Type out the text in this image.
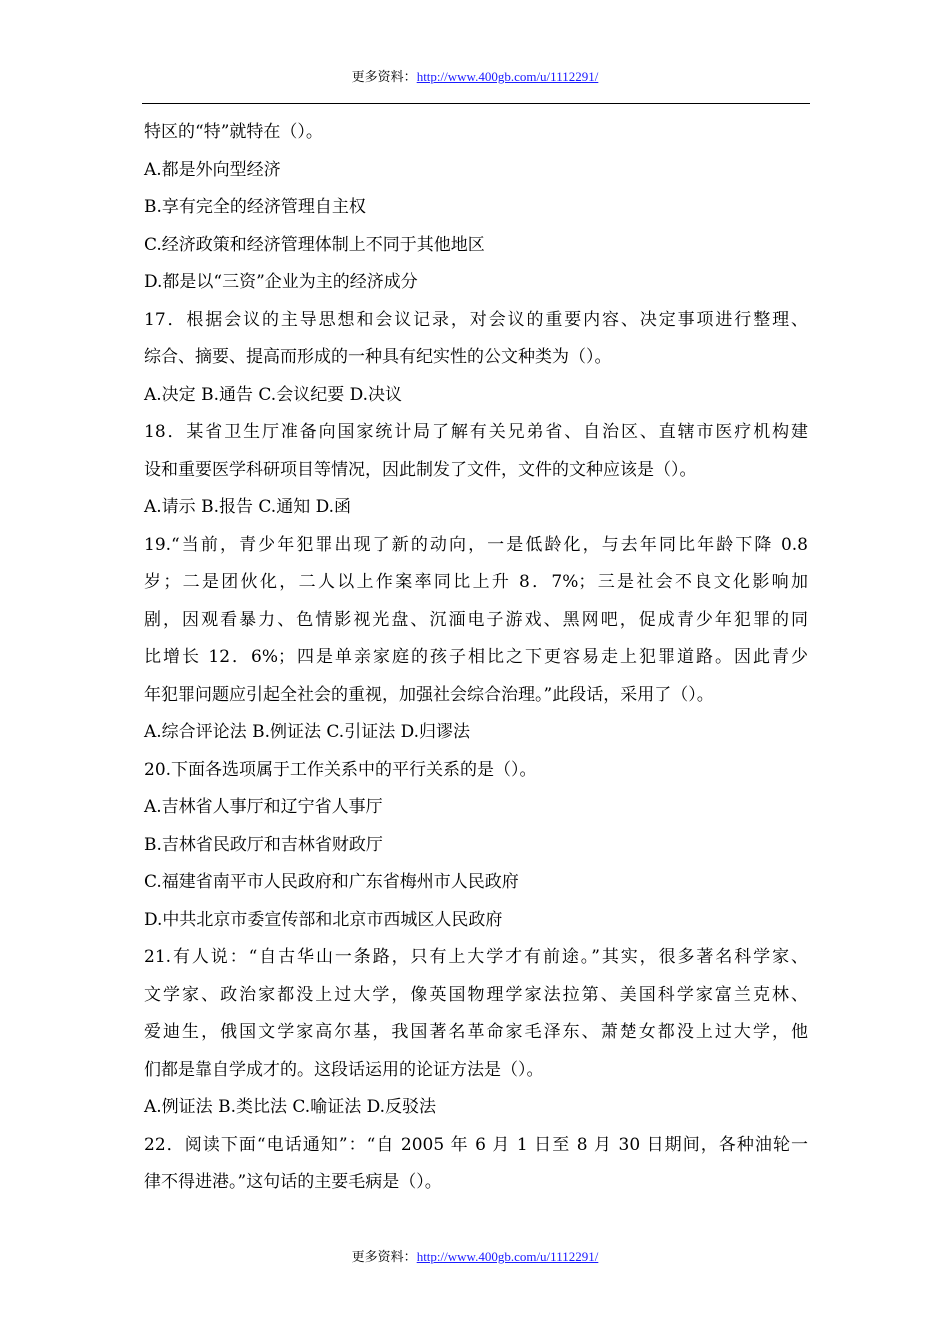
更多资料：http://www.400gb.com/u/1112291/
特区的“特”就特在（）。
A.都是外向型经济
B.享有完全的经济管理自主权
C.经济政策和经济管理体制上不同于其他地区
D.都是以“三资”企业为主的经济成分
17．根据会议的主导思想和会议记录，对会议的重要内容、决定事项进行整理、
综合、摘要、提高而形成的一种具有纪实性的公文种类为（）。
A.决定 B.通告 C.会议纪要 D.决议
18．某省卫生厅准备向国家统计局了解有关兄弟省、自治区、直辖市医疗机构建
设和重要医学科研项目等情况，因此制发了文件，文件的文种应该是（）。
A.请示 B.报告 C.通知 D.函
19.“当前，青少年犯罪出现了新的动向，一是低龄化，与去年同比年龄下降 0.8
岁；二是团伙化，二人以上作案率同比上升 8．7%；三是社会不良文化影响加
剧，因观看暴力、色情影视光盘、沉湎电子游戏、黑网吧，促成青少年犯罪的同
比增长 12．6%；四是单亲家庭的孩子相比之下更容易走上犯罪道路。因此青少
年犯罪问题应引起全社会的重视，加强社会综合治理。”此段话，采用了（）。
A.综合评论法 B.例证法 C.引证法 D.归谬法
20.下面各选项属于工作关系中的平行关系的是（）。
A.吉林省人事厅和辽宁省人事厅
B.吉林省民政厅和吉林省财政厅
C.福建省南平市人民政府和广东省梅州市人民政府
D.中共北京市委宣传部和北京市西城区人民政府
21.有人说：“自古华山一条路，只有上大学才有前途。”其实，很多著名科学家、
文学家、政治家都没上过大学，像英国物理学家法拉第、美国科学家富兰克林、
爱迪生，俄国文学家高尔基，我国著名革命家毛泽东、萧楚女都没上过大学，他
们都是靠自学成才的。这段话运用的论证方法是（）。
A.例证法 B.类比法 C.喻证法 D.反驳法
22．阅读下面“电话通知”：“自 2005 年 6 月 1 日至 8 月 30 日期间，各种油轮一
律不得进港。”这句话的主要毛病是（）。
更多资料：http://www.400gb.com/u/1112291/
